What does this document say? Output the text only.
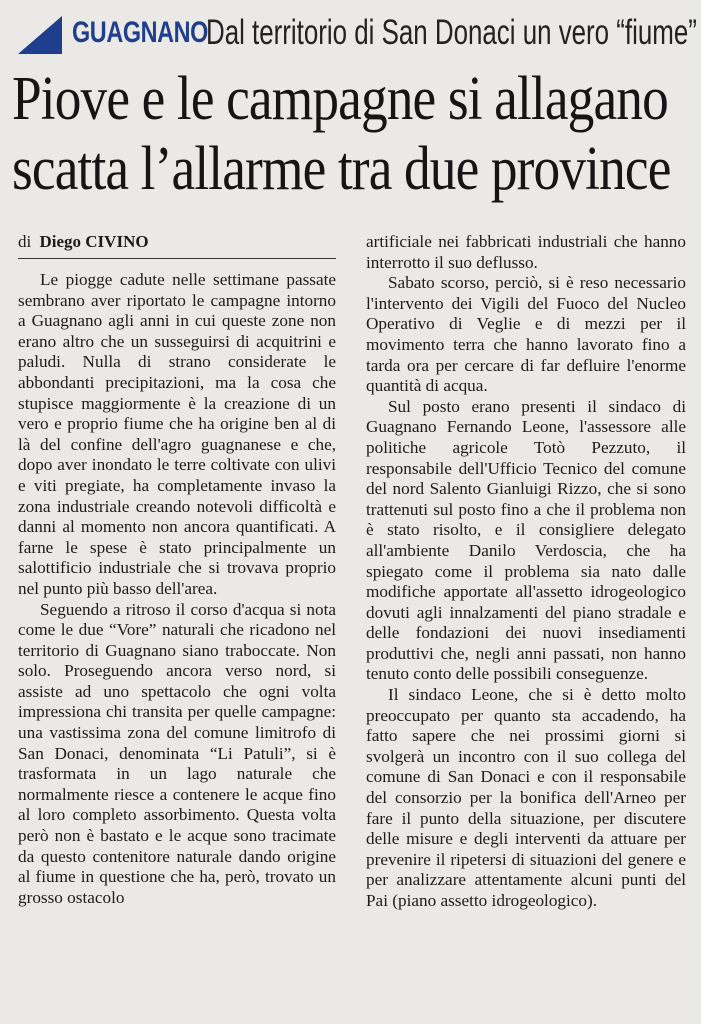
GUAGNANO
Dal territorio di San Donaci un vero “fiume”
Piove e le campagne si allagano
scatta l’allarme tra due province
di Diego CIVINO

Le piogge cadute nelle settimane passate sembrano aver riportato le campagne intorno a Guagnano agli anni in cui queste zone non erano altro che un susseguirsi di acquitrini e paludi. Nulla di strano considerate le abbondanti precipitazioni, ma la cosa che stupisce maggiormente è la creazione di un vero e proprio fiume che ha origine ben al di là del confine dell'agro guagnanese e che, dopo aver inondato le terre coltivate con ulivi e viti pregiate, ha completamente invaso la zona industriale creando notevoli difficoltà e danni al momento non ancora quantificati. A farne le spese è stato principalmente un salottificio industriale che si trovava proprio nel punto più basso dell'area.

Seguendo a ritroso il corso d'acqua si nota come le due “Vore” naturali che ricadono nel territorio di Guagnano siano traboccate. Non solo. Proseguendo ancora verso nord, si assiste ad uno spettacolo che ogni volta impressiona chi transita per quelle campagne: una vastissima zona del comune limitrofo di San Donaci, denominata “Li Patuli”, si è trasformata in un lago naturale che normalmente riesce a contenere le acque fino al loro completo assorbimento. Questa volta però non è bastato e le acque sono tracimate da questo contenitore naturale dando origine al fiume in questione che ha, però, trovato un grosso ostacolo

artificiale nei fabbricati industriali che hanno interrotto il suo deflusso.

Sabato scorso, perciò, si è reso necessario l'intervento dei Vigili del Fuoco del Nucleo Operativo di Veglie e di mezzi per il movimento terra che hanno lavorato fino a tarda ora per cercare di far defluire l'enorme quantità di acqua.

Sul posto erano presenti il sindaco di Guagnano Fernando Leone, l'assessore alle politiche agricole Totò Pezzuto, il responsabile dell'Ufficio Tecnico del comune del nord Salento Gianluigi Rizzo, che si sono trattenuti sul posto fino a che il problema non è stato risolto, e il consigliere delegato all'ambiente Danilo Verdoscia, che ha spiegato come il problema sia nato dalle modifiche apportate all'assetto idrogeologico dovuti agli innalzamenti del piano stradale e delle fondazioni dei nuovi insediamenti produttivi che, negli anni passati, non hanno tenuto conto delle possibili conseguenze.

Il sindaco Leone, che si è detto molto preoccupato per quanto sta accadendo, ha fatto sapere che nei prossimi giorni si svolgerà un incontro con il suo collega del comune di San Donaci e con il responsabile del consorzio per la bonifica dell'Arneo per fare il punto della situazione, per discutere delle misure e degli interventi da attuare per prevenire il ripetersi di situazioni del genere e per analizzare attentamente alcuni punti del Pai (piano assetto idrogeologico).
